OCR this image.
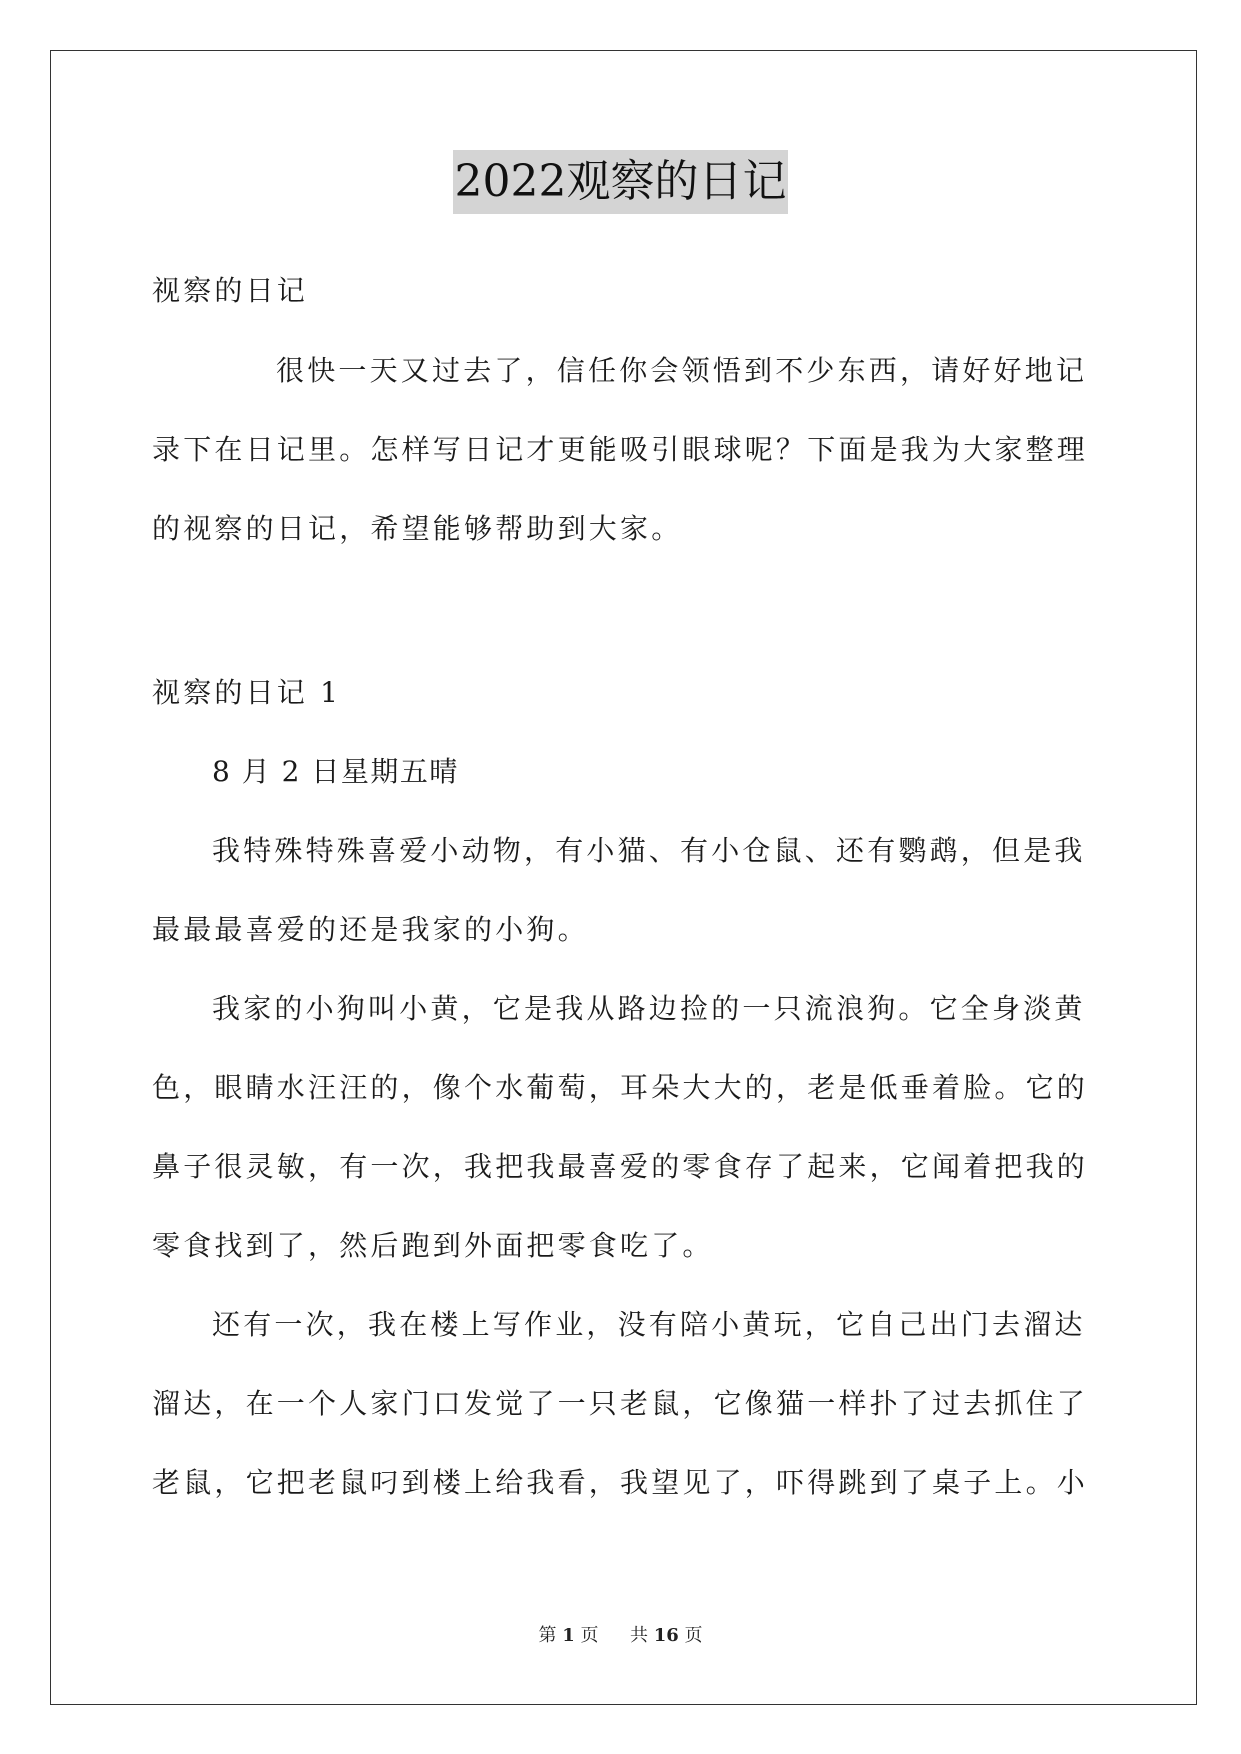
2022观察的日记
视察的日记
很快一天又过去了，信任你会领悟到不少东西，请好好地记
录下在日记里。怎样写日记才更能吸引眼球呢？下面是我为大家整理
的视察的日记，希望能够帮助到大家。
视察的日记 1
8 月 2 日星期五晴
我特殊特殊喜爱小动物，有小猫、有小仓鼠、还有鹦鹉，但是我
最最最喜爱的还是我家的小狗。
我家的小狗叫小黄，它是我从路边捡的一只流浪狗。它全身淡黄
色，眼睛水汪汪的，像个水葡萄，耳朵大大的，老是低垂着脸。它的
鼻子很灵敏，有一次，我把我最喜爱的零食存了起来，它闻着把我的
零食找到了，然后跑到外面把零食吃了。
还有一次，我在楼上写作业，没有陪小黄玩，它自己出门去溜达
溜达，在一个人家门口发觉了一只老鼠，它像猫一样扑了过去抓住了
老鼠，它把老鼠叼到楼上给我看，我望见了，吓得跳到了桌子上。小
第 1 页 共 16 页
